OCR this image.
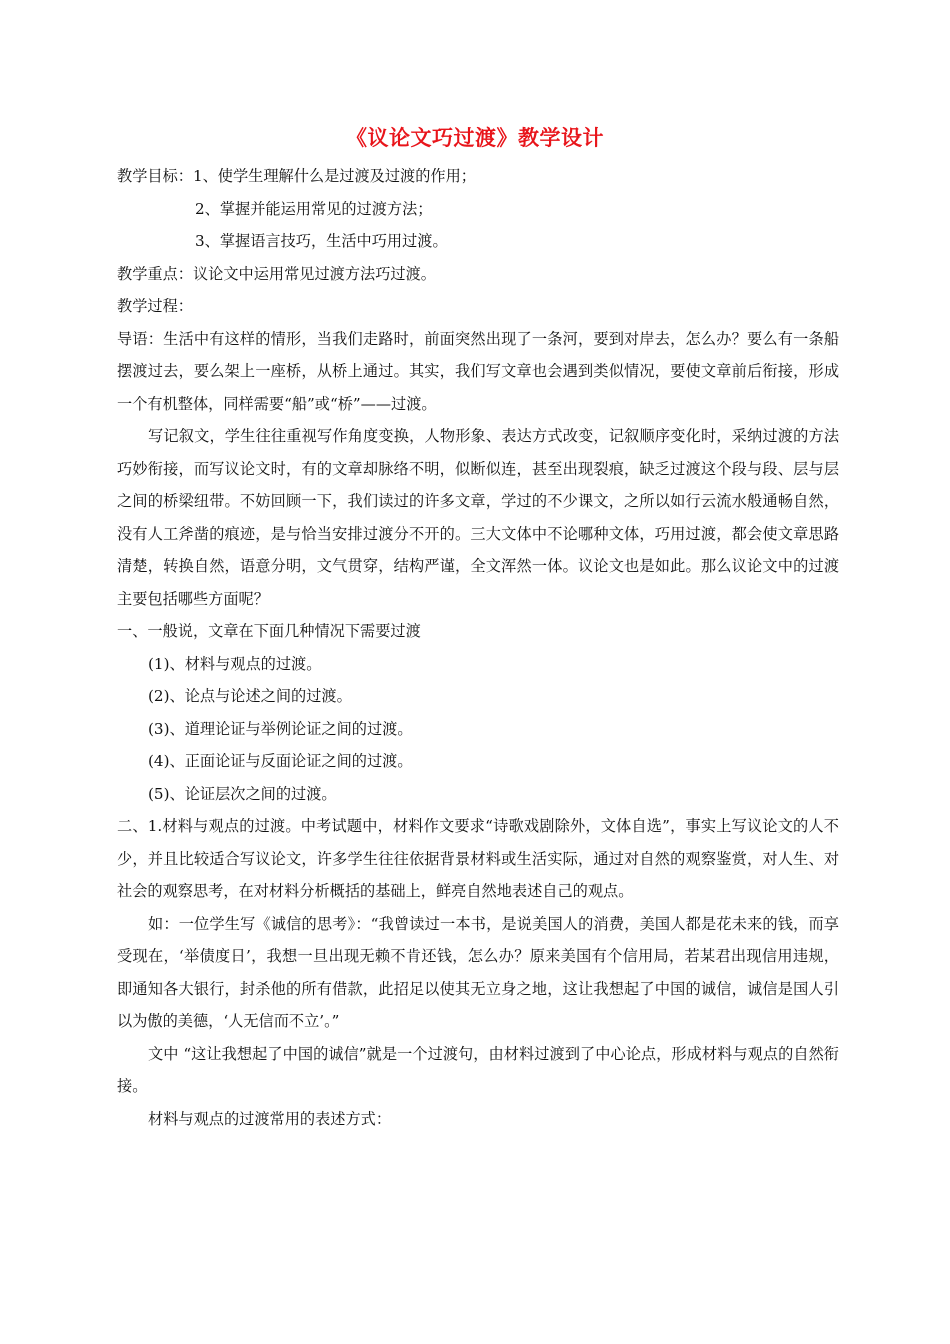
《议论文巧过渡》教学设计

教学目标：1、使学生理解什么是过渡及过渡的作用；

2、掌握并能运用常见的过渡方法；

3、掌握语言技巧，生活中巧用过渡。

教学重点：议论文中运用常见过渡方法巧过渡。

教学过程：

导语：生活中有这样的情形，当我们走路时，前面突然出现了一条河，要到对岸去，怎么办？要么有一条船摆渡过去，要么架上一座桥，从桥上通过。其实，我们写文章也会遇到类似情况，要使文章前后衔接，形成一个有机整体，同样需要“船”或“桥”——过渡。

写记叙文，学生往往重视写作角度变换，人物形象、表达方式改变，记叙顺序变化时，采纳过渡的方法巧妙衔接，而写议论文时，有的文章却脉络不明，似断似连，甚至出现裂痕，缺乏过渡这个段与段、层与层之间的桥梁纽带。不妨回顾一下，我们读过的许多文章，学过的不少课文，之所以如行云流水般通畅自然，没有人工斧凿的痕迹，是与恰当安排过渡分不开的。三大文体中不论哪种文体，巧用过渡，都会使文章思路清楚，转换自然，语意分明，文气贯穿，结构严谨，全文浑然一体。议论文也是如此。那么议论文中的过渡主要包括哪些方面呢？

一、一般说，文章在下面几种情况下需要过渡

(1)、材料与观点的过渡。

(2)、论点与论述之间的过渡。

(3)、道理论证与举例论证之间的过渡。

(4)、正面论证与反面论证之间的过渡。

(5)、论证层次之间的过渡。

二、1.材料与观点的过渡。中考试题中，材料作文要求“诗歌戏剧除外，文体自选”，事实上写议论文的人不少，并且比较适合写议论文，许多学生往往依据背景材料或生活实际，通过对自然的观察鉴赏，对人生、对社会的观察思考，在对材料分析概括的基础上，鲜亮自然地表述自己的观点。

如：一位学生写《诚信的思考》：“我曾读过一本书，是说美国人的消费，美国人都是花未来的钱，而享受现在，‘举债度日’，我想一旦出现无赖不肯还钱，怎么办？原来美国有个信用局，若某君出现信用违规，即通知各大银行，封杀他的所有借款，此招足以使其无立身之地，这让我想起了中国的诚信，诚信是国人引以为傲的美德，‘人无信而不立’。”

文中 “这让我想起了中国的诚信”就是一个过渡句，由材料过渡到了中心论点，形成材料与观点的自然衔接。

材料与观点的过渡常用的表述方式：
